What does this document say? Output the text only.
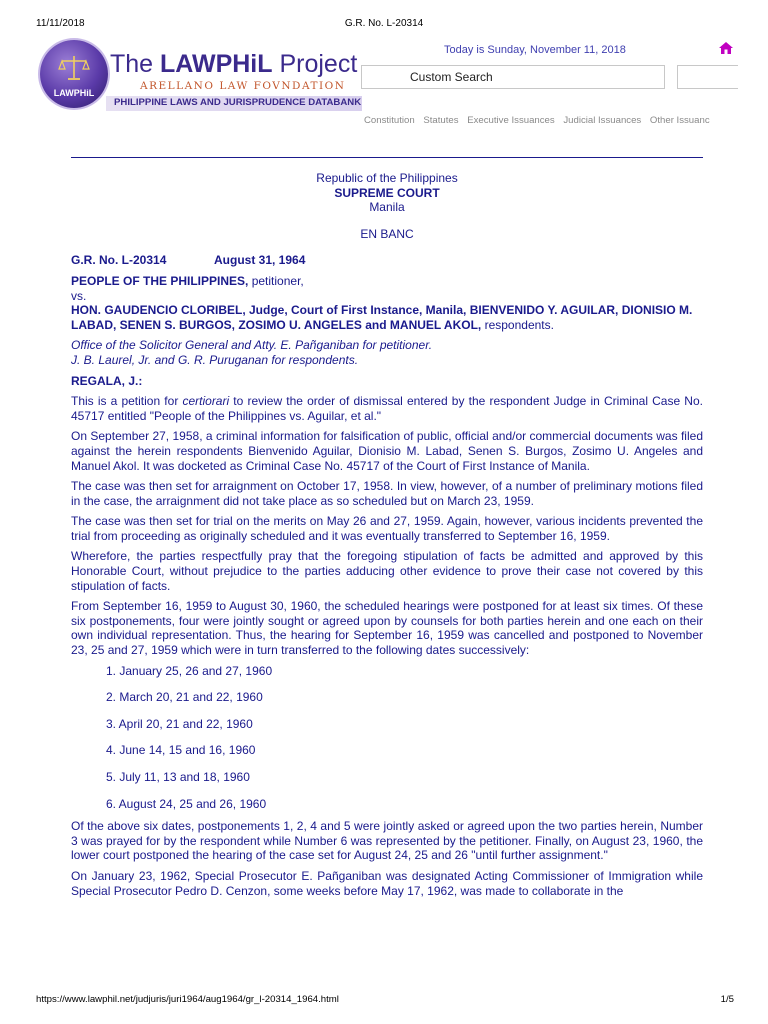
11/11/2018	G.R. No. L-20314
LAWPHiL
The LAWPHiL Project
ARELLANO LAW FOVNDATION
PHILIPPINE LAWS AND JURISPRUDENCE DATABANK
Today is Sunday, November 11, 2018
Custom Search
Constitution Statutes Executive Issuances Judicial Issuances Other Issuanc
Republic of the Philippines
SUPREME COURT
Manila
EN BANC
G.R. No. L-20314	August 31, 1964
PEOPLE OF THE PHILIPPINES, petitioner,
vs.
HON. GAUDENCIO CLORIBEL, Judge, Court of First Instance, Manila, BIENVENIDO Y. AGUILAR, DIONISIO M. LABAD, SENEN S. BURGOS, ZOSIMO U. ANGELES and MANUEL AKOL, respondents.
Office of the Solicitor General and Atty. E. Pañganiban for petitioner.
J. B. Laurel, Jr. and G. R. Puruganan for respondents.
REGALA, J.:

This is a petition for certiorari to review the order of dismissal entered by the respondent Judge in Criminal Case No. 45717 entitled "People of the Philippines vs. Aguilar, et al."

On September 27, 1958, a criminal information for falsification of public, official and/or commercial documents was filed against the herein respondents Bienvenido Aguilar, Dionisio M. Labad, Senen S. Burgos, Zosimo U. Angeles and Manuel Akol. It was docketed as Criminal Case No. 45717 of the Court of First Instance of Manila.

The case was then set for arraignment on October 17, 1958. In view, however, of a number of preliminary motions filed in the case, the arraignment did not take place as so scheduled but on March 23, 1959.

The case was then set for trial on the merits on May 26 and 27, 1959. Again, however, various incidents prevented the trial from proceeding as originally scheduled and it was eventually transferred to September 16, 1959.

Wherefore, the parties respectfully pray that the foregoing stipulation of facts be admitted and approved by this Honorable Court, without prejudice to the parties adducing other evidence to prove their case not covered by this stipulation of facts.

From September 16, 1959 to August 30, 1960, the scheduled hearings were postponed for at least six times. Of these six postponements, four were jointly sought or agreed upon by counsels for both parties herein and one each on their own individual representation. Thus, the hearing for September 16, 1959 was cancelled and postponed to November 23, 25 and 27, 1959 which were in turn transferred to the following dates successively:

1. January 25, 26 and 27, 1960
2. March 20, 21 and 22, 1960
3. April 20, 21 and 22, 1960
4. June 14, 15 and 16, 1960
5. July 11, 13 and 18, 1960
6. August 24, 25 and 26, 1960

Of the above six dates, postponements 1, 2, 4 and 5 were jointly asked or agreed upon the two parties herein, Number 3 was prayed for by the respondent while Number 6 was represented by the petitioner. Finally, on August 23, 1960, the lower court postponed the hearing of the case set for August 24, 25 and 26 "until further assignment."

On January 23, 1962, Special Prosecutor E. Pañganiban was designated Acting Commissioner of Immigration while Special Prosecutor Pedro D. Cenzon, some weeks before May 17, 1962, was made to collaborate in the

https://www.lawphil.net/judjuris/juri1964/aug1964/gr_l-20314_1964.html	1/5
